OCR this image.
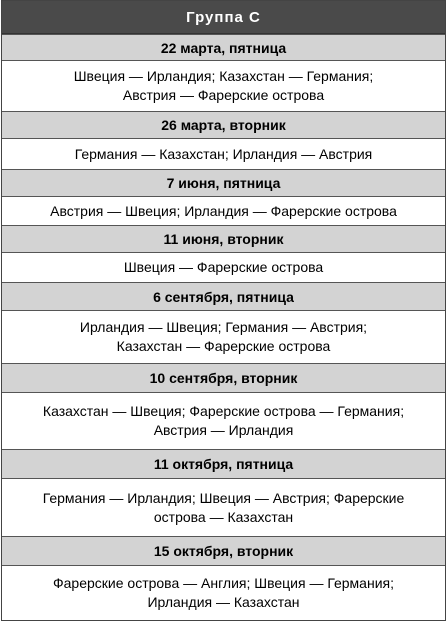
Группа С
22 марта, пятница
Швеция — Ирландия; Казахстан — Германия;
Австрия — Фарерские острова
26 марта, вторник
Германия — Казахстан; Ирландия — Австрия
7 июня, пятница
Австрия — Швеция; Ирландия — Фарерские острова
11 июня, вторник
Швеция — Фарерские острова
6 сентября, пятница
Ирландия — Швеция; Германия — Австрия;
Казахстан — Фарерские острова
10 сентября, вторник
Казахстан — Швеция; Фарерские острова — Германия;
Австрия — Ирландия
11 октября, пятница
Германия — Ирландия; Швеция — Австрия; Фарерские
острова — Казахстан
15 октября, вторник
Фарерские острова — Англия; Швеция — Германия;
Ирландия — Казахстан
